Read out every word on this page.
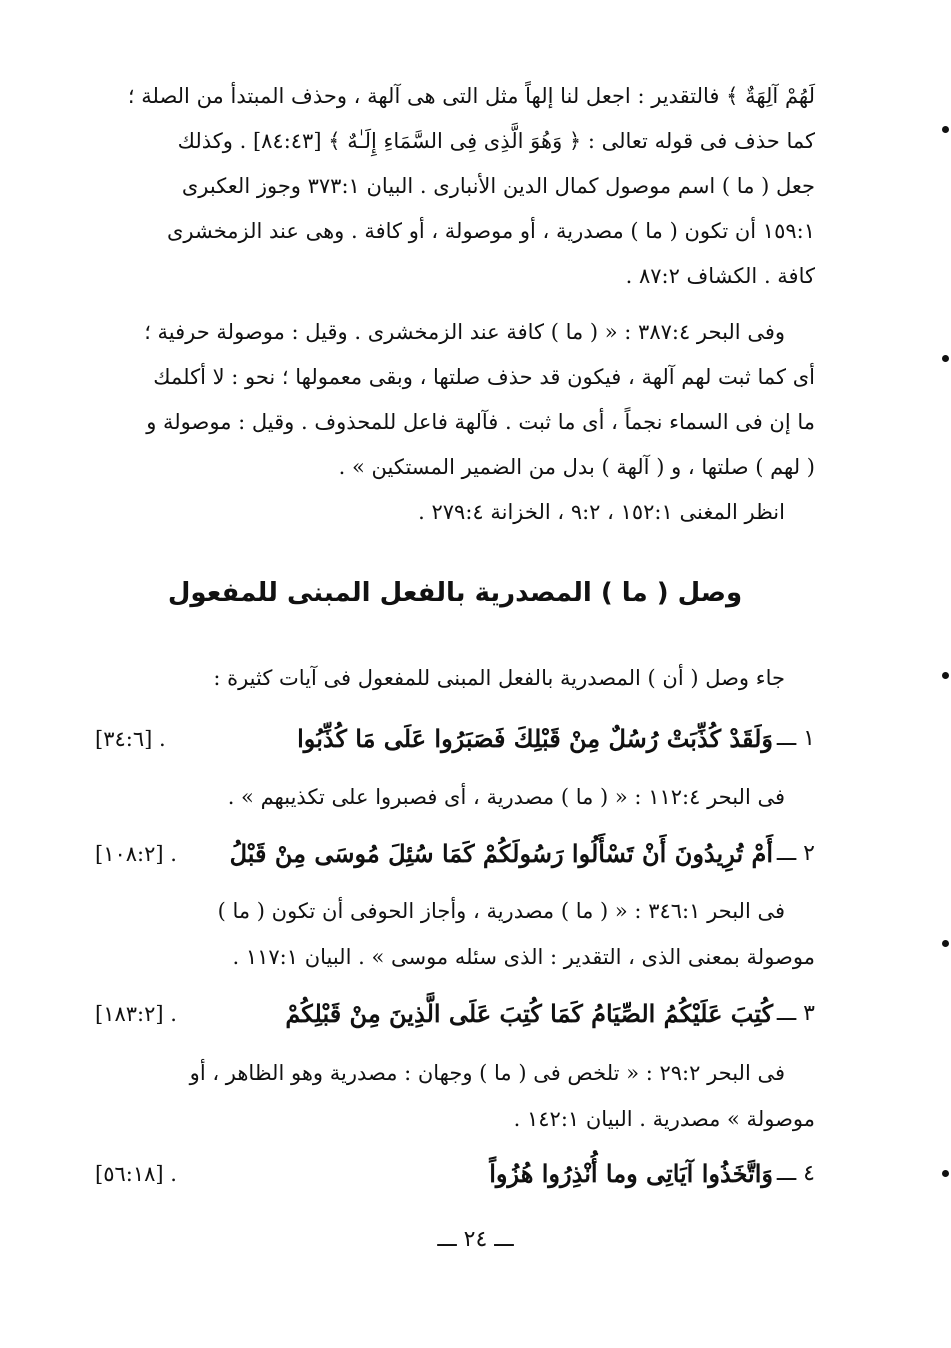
لَهُمْ آلِهَةٌ ﴾ فالتقدير : اجعل لنا إلهاً مثل التى هى آلهة ، وحذف المبتدأ من الصلة ؛

كما حذف فى قوله تعالى : ﴿ وَهُوَ الَّذِى فِى السَّمَاءِ إِلَـٰهٌ ﴾ [٨٤:٤٣] . وكذلك

جعل ( ما ) اسم موصول كمال الدين الأنبارى . البيان ٣٧٣:١ وجوز العكبرى

١٥٩:١ أن تكون ( ما ) مصدرية ، أو موصولة ، أو كافة . وهى عند الزمخشرى

كافة . الكشاف ٨٧:٢ .

وفى البحر ٣٨٧:٤ : « ( ما ) كافة عند الزمخشرى . وقيل : موصولة حرفية ؛

أى كما ثبت لهم آلهة ، فيكون قد حذف صلتها ، وبقى معمولها ؛ نحو : لا أكلمك

ما إن فى السماء نجماً ، أى ما ثبت . فآلهة فاعل للمحذوف . وقيل : موصولة و

( لهم ) صلتها ، و ( آلهة ) بدل من الضمير المستكين » .

انظر المغنى ١٥٢:١ ، ٩:٢ ، الخزانة ٢٧٩:٤ .

وصل ( ما ) المصدرية بالفعل المبنى للمفعول

جاء وصل ( أن ) المصدرية بالفعل المبنى للمفعول فى آيات كثيرة :

١ ـــ
وَلَقَدْ كُذِّبَتْ رُسُلٌ مِنْ قَبْلِكَ فَصَبَرُوا عَلَى مَا كُذِّبُوا
[٣٤:٦] .

فى البحر ١١٢:٤ : « ( ما ) مصدرية ، أى فصبروا على تكذيبهم » .

٢ ـــ
أَمْ تُرِيدُونَ أَنْ تَسْأَلُوا رَسُولَكُمْ كَمَا سُئِلَ مُوسَى مِنْ قَبْلُ
[١٠٨:٢] .

فى البحر ٣٤٦:١ : « ( ما ) مصدرية ، وأجاز الحوفى أن تكون ( ما )

موصولة بمعنى الذى ، التقدير : الذى سئله موسى » . البيان ١١٧:١ .

٣ ـــ
كُتِبَ عَلَيْكُمُ الصِّيَامُ كَمَا كُتِبَ عَلَى الَّذِينَ مِنْ قَبْلِكُمْ
[١٨٣:٢] .

فى البحر ٢٩:٢ : « تلخص فى ( ما ) وجهان : مصدرية وهو الظاهر ، أو

موصولة » مصدرية . البيان ١٤٢:١ .

٤ ـــ
وَاتَّخَذُوا آيَاتِى وما أُنْذِرُوا هُزُواً
[٥٦:١٨] .
ـــ ٢٤ ـــ
